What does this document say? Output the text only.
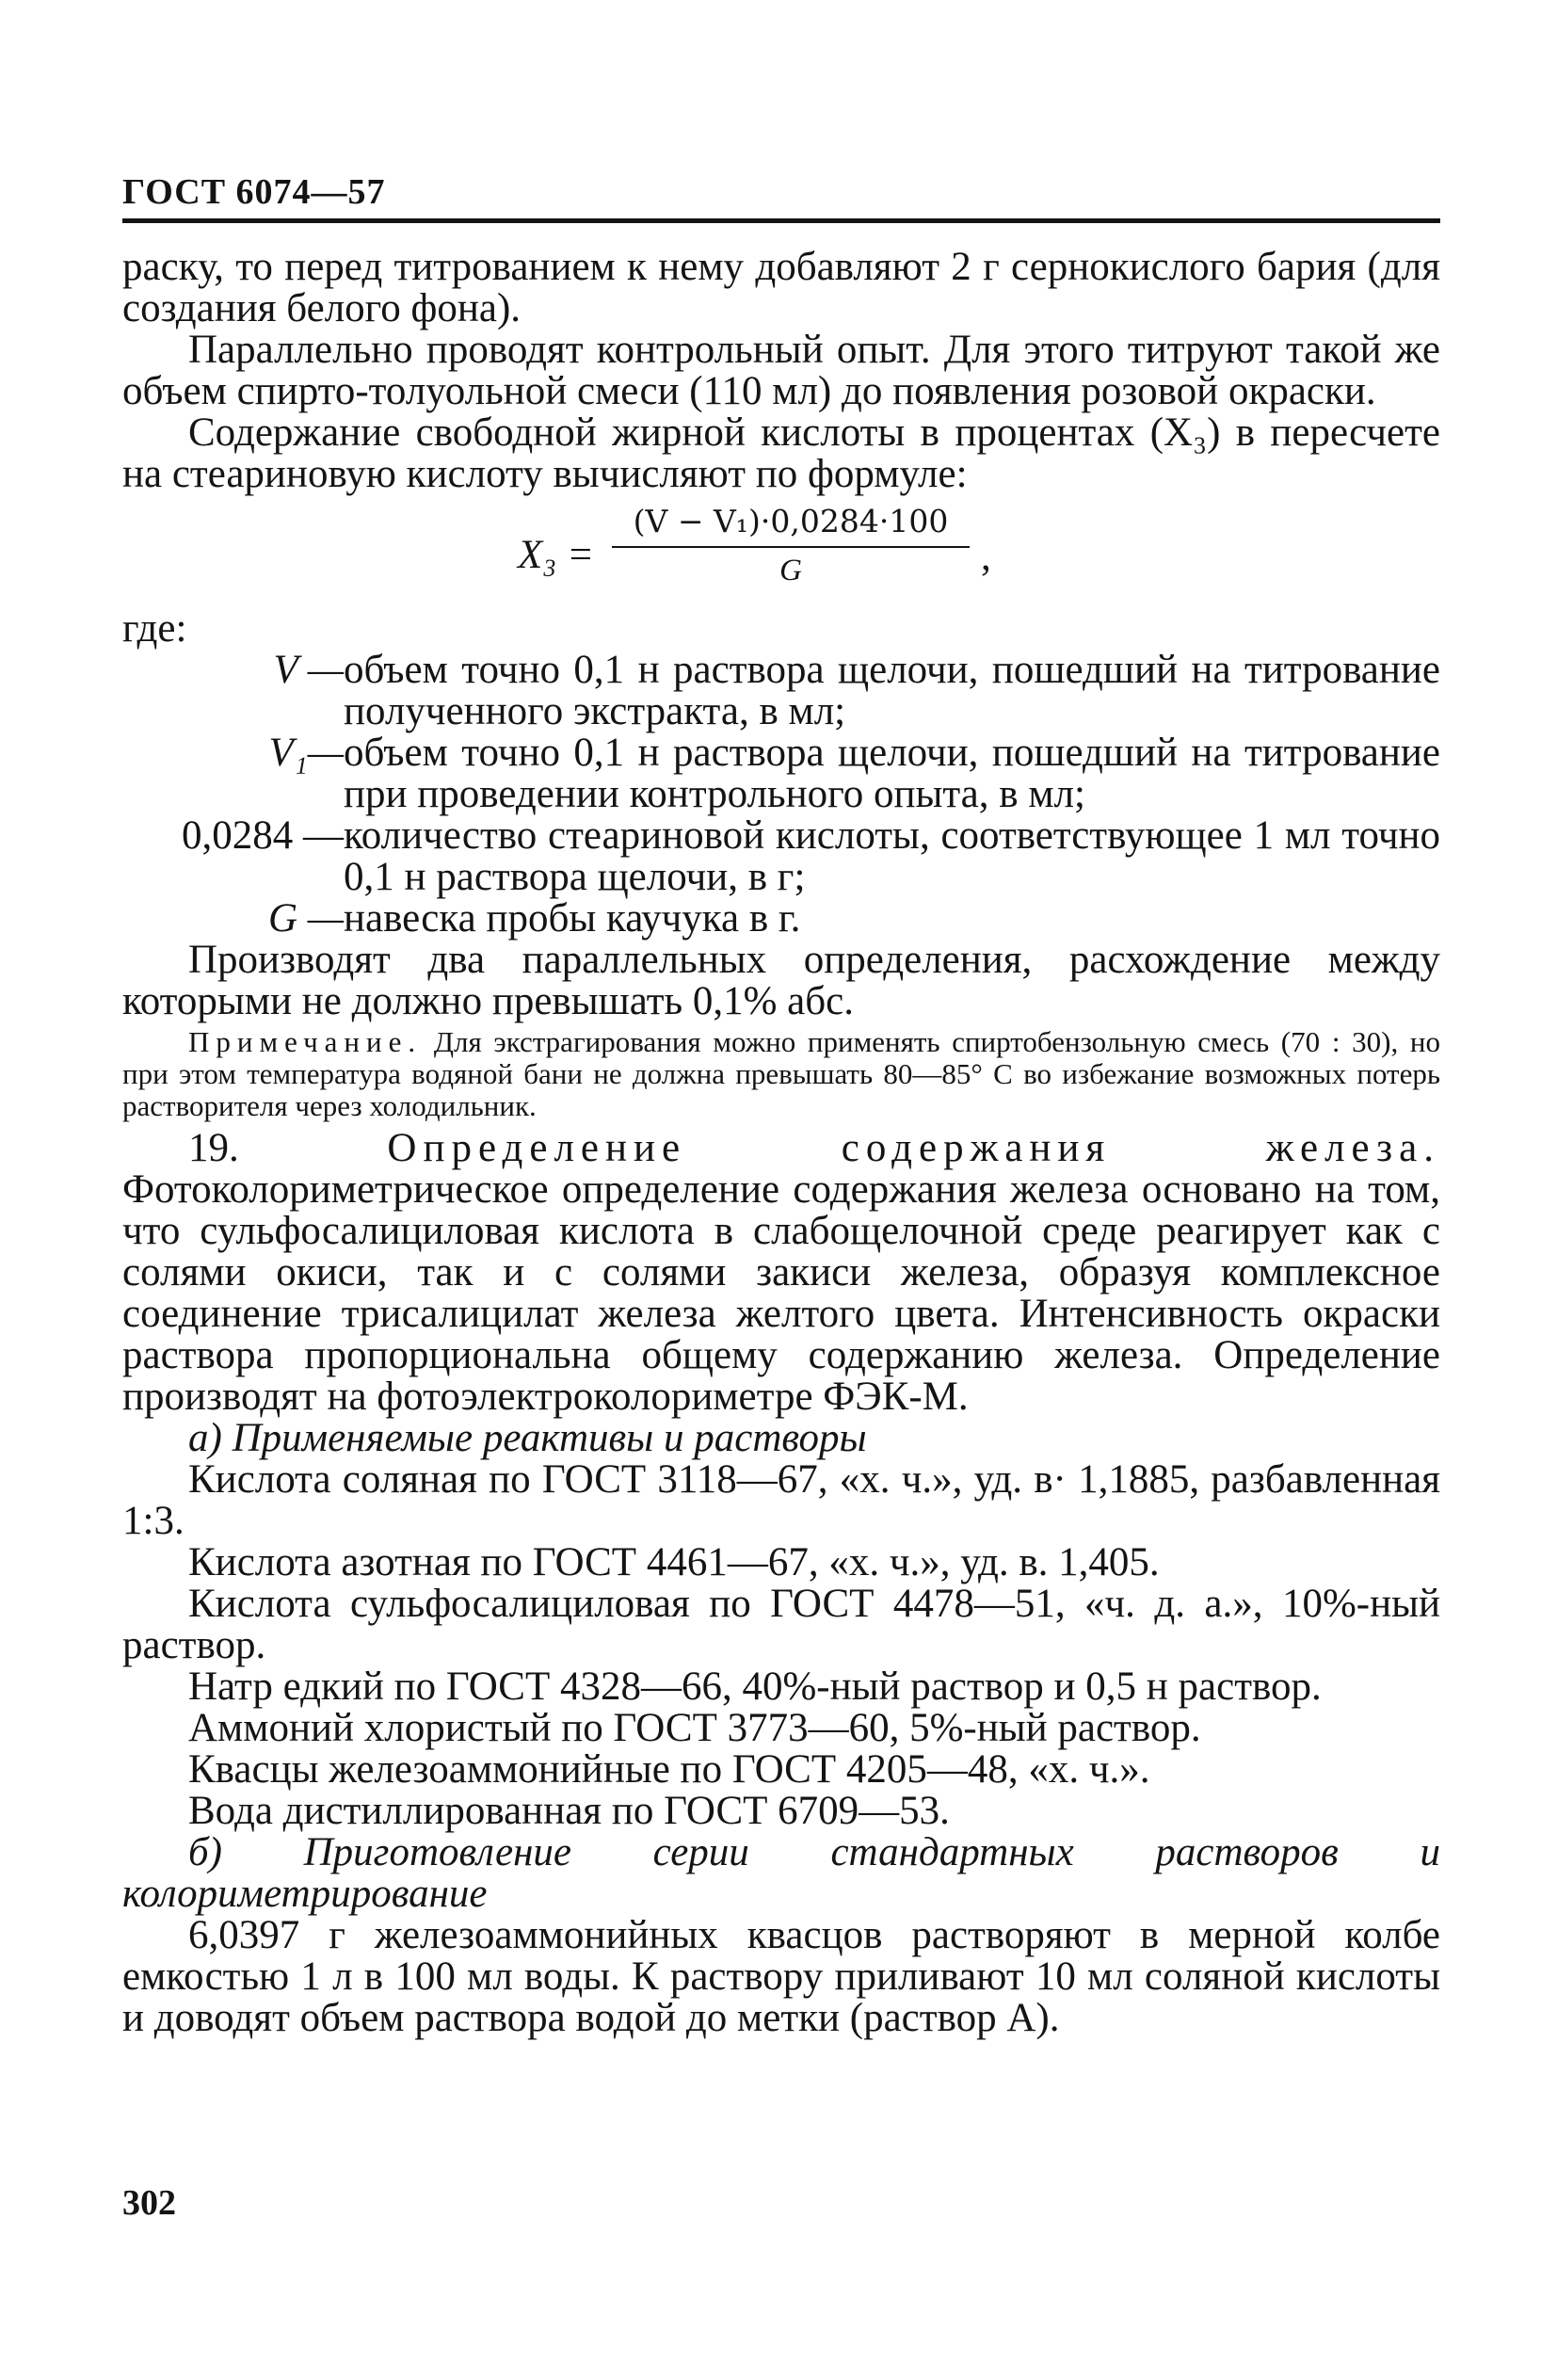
ГОСТ 6074—57

раску, то перед титрованием к нему добавляют 2 г сернокислого бария (для создания белого фона).

Параллельно проводят контрольный опыт. Для этого титруют такой же объем спирто-толуольной смеси (110 мл) до появления розовой окраски.

Содержание свободной жирной кислоты в процентах (X₃) в пересчете на стеариновую кислоту вычисляют по формуле:

X₃ =
(V − V₁)·0,0284·100
G	,

где:

V — объем точно 0,1 н раствора щелочи, пошедший на титрование полученного экстракта, в мл;
V₁— объем точно 0,1 н раствора щелочи, пошедший на титрование при проведении контрольного опыта, в мл;
0,0284 — количество стеариновой кислоты, соответствующее 1 мл точно 0,1 н раствора щелочи, в г;
G — навеска пробы каучука в г.

Производят два параллельных определения, расхождение между которыми не должно превышать 0,1% абс.

Примечание. Для экстрагирования можно применять спиртобензольную смесь (70 : 30), но при этом температура водяной бани не должна превышать 80—85° С во избежание возможных потерь растворителя через холодильник.

19.	Определение содержания железа. Фотоколориметрическое определение содержания железа основано на том, что сульфосалициловая кислота в слабощелочной среде реагирует как с солями окиси, так и с солями закиси железа, образуя комплексное соединение трисалицилат железа желтого цвета. Интенсивность окраски раствора пропорциональна общему содержанию железа. Определение производят на фотоэлектроколориметре ФЭК-М.

а) Применяемые реактивы и растворы

Кислота соляная по ГОСТ 3118—67, «х. ч.», уд. в· 1,1885, разбавленная 1:3.

Кислота азотная по ГОСТ 4461—67, «х. ч.», уд. в. 1,405.

Кислота сульфосалициловая по ГОСТ 4478—51, «ч. д. а.», 10%-ный раствор.

Натр едкий по ГОСТ 4328—66, 40%-ный раствор и 0,5 н раствор.

Аммоний хлористый по ГОСТ 3773—60, 5%-ный раствор.

Квасцы железоаммонийные по ГОСТ 4205—48, «х. ч.».

Вода дистиллированная по ГОСТ 6709—53.

б) Приготовление серии стандартных растворов и колориметрирование

6,0397 г железоаммонийных квасцов растворяют в мерной колбе емкостью 1 л в 100 мл воды. К раствору приливают 10 мл соляной кислоты и доводят объем раствора водой до метки (раствор А).

302
